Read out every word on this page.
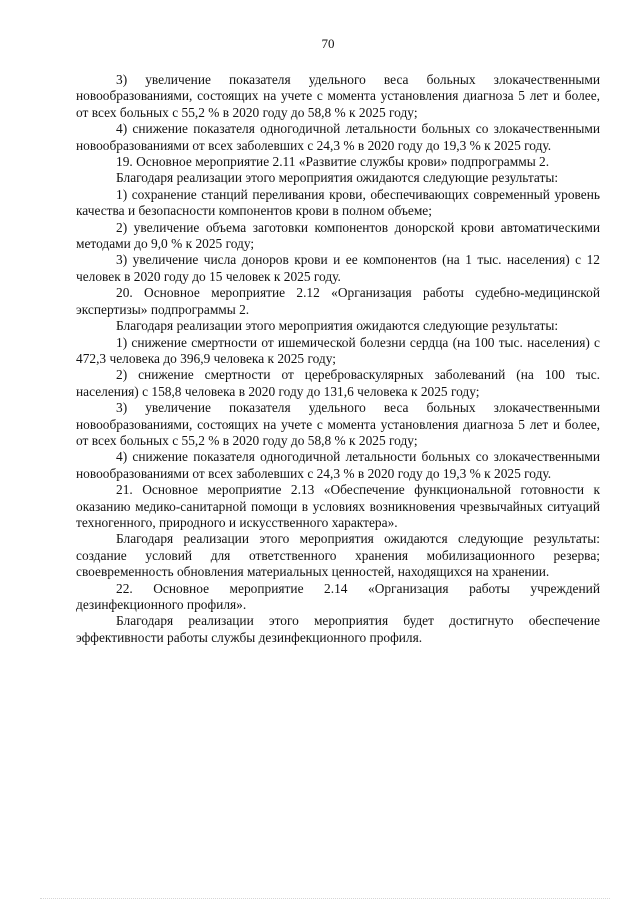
70

3) увеличение показателя удельного веса больных злокачественными новообразованиями, состоящих на учете с момента установления диагноза 5 лет и более, от всех больных с 55,2 % в 2020 году до 58,8 % к 2025 году;

4) снижение показателя одногодичной летальности больных со злокачественными новообразованиями от всех заболевших с 24,3 % в 2020 году до 19,3 % к 2025 году.

19. Основное мероприятие 2.11 «Развитие службы крови» подпрограммы 2.

Благодаря реализации этого мероприятия ожидаются следующие результаты:

1) сохранение станций переливания крови, обеспечивающих современный уровень качества и безопасности компонентов крови в полном объеме;

2) увеличение объема заготовки компонентов донорской крови автоматическими методами до 9,0 % к 2025 году;

3) увеличение числа доноров крови и ее компонентов (на 1 тыс. населения) с 12 человек в 2020 году до 15 человек к 2025 году.

20. Основное мероприятие 2.12 «Организация работы судебно-медицинской экспертизы» подпрограммы 2.

Благодаря реализации этого мероприятия ожидаются следующие результаты:

1) снижение смертности от ишемической болезни сердца (на 100 тыс. населения) с 472,3 человека до 396,9 человека к 2025 году;

2) снижение смертности от цереброваскулярных заболеваний (на 100 тыс. населения) с 158,8 человека в 2020 году до 131,6 человека к 2025 году;

3) увеличение показателя удельного веса больных злокачественными новообразованиями, состоящих на учете с момента установления диагноза 5 лет и более, от всех больных с 55,2 % в 2020 году до 58,8 % к 2025 году;

4) снижение показателя одногодичной летальности больных со злокачественными новообразованиями от всех заболевших с 24,3 % в 2020 году до 19,3 % к 2025 году.

21. Основное мероприятие 2.13 «Обеспечение функциональной готовности к оказанию медико-санитарной помощи в условиях возникновения чрезвычайных ситуаций техногенного, природного и искусственного характера».

Благодаря реализации этого мероприятия ожидаются следующие результаты: создание условий для ответственного хранения мобилизационного резерва; своевременность обновления материальных ценностей, находящихся на хранении.

22. Основное мероприятие 2.14 «Организация работы учреждений дезинфекционного профиля».

Благодаря реализации этого мероприятия будет достигнуто обеспечение эффективности работы службы дезинфекционного профиля.
